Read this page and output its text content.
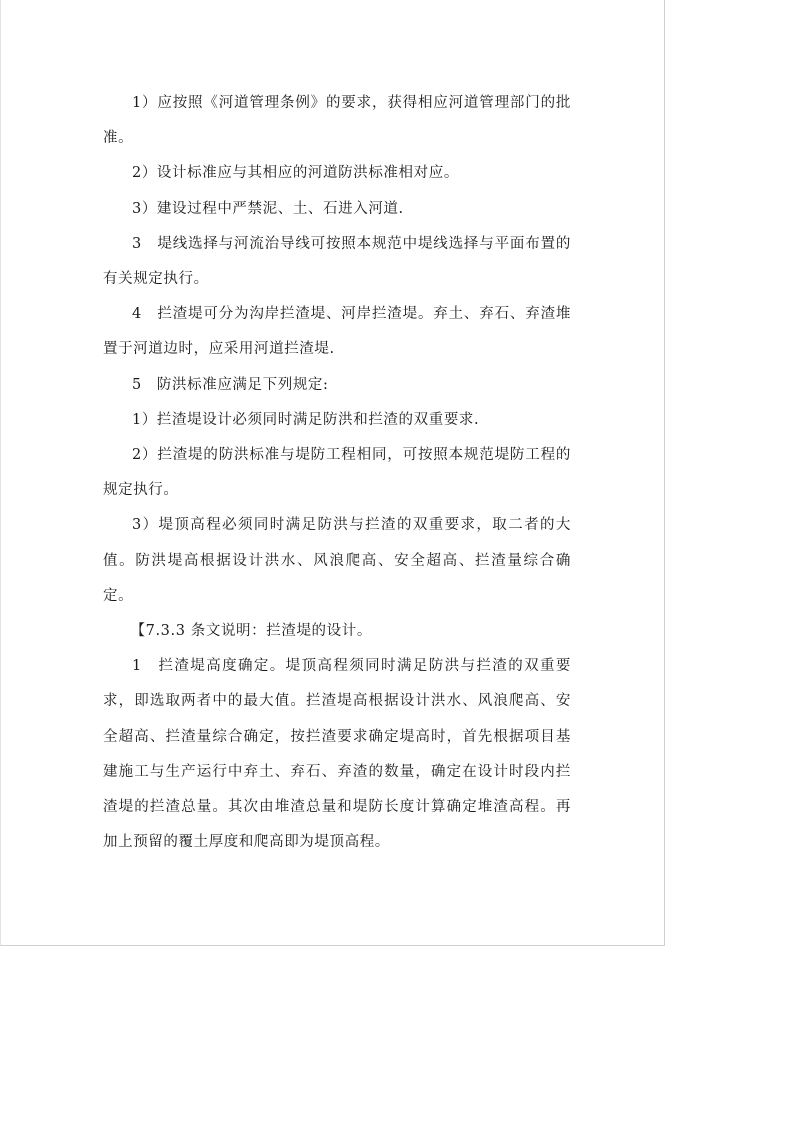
1）应按照《河道管理条例》的要求，获得相应河道管理部门的批准。

2）设计标准应与其相应的河道防洪标准相对应。

3）建设过程中严禁泥、土、石进入河道.

3　堤线选择与河流治导线可按照本规范中堤线选择与平面布置的有关规定执行。

4　拦渣堤可分为沟岸拦渣堤、河岸拦渣堤。弃土、弃石、弃渣堆置于河道边时，应采用河道拦渣堤.

5　防洪标准应满足下列规定:

1）拦渣堤设计必须同时满足防洪和拦渣的双重要求.

2）拦渣堤的防洪标准与堤防工程相同，可按照本规范堤防工程的规定执行。

3）堤顶高程必须同时满足防洪与拦渣的双重要求，取二者的大值。防洪堤高根据设计洪水、风浪爬高、安全超高、拦渣量综合确定。

【7.3.3 条文说明：拦渣堤的设计。

1　拦渣堤高度确定。堤顶高程须同时满足防洪与拦渣的双重要求，即选取两者中的最大值。拦渣堤高根据设计洪水、风浪爬高、安全超高、拦渣量综合确定，按拦渣要求确定堤高时，首先根据项目基建施工与生产运行中弃土、弃石、弃渣的数量，确定在设计时段内拦渣堤的拦渣总量。其次由堆渣总量和堤防长度计算确定堆渣高程。再加上预留的覆土厚度和爬高即为堤顶高程。
